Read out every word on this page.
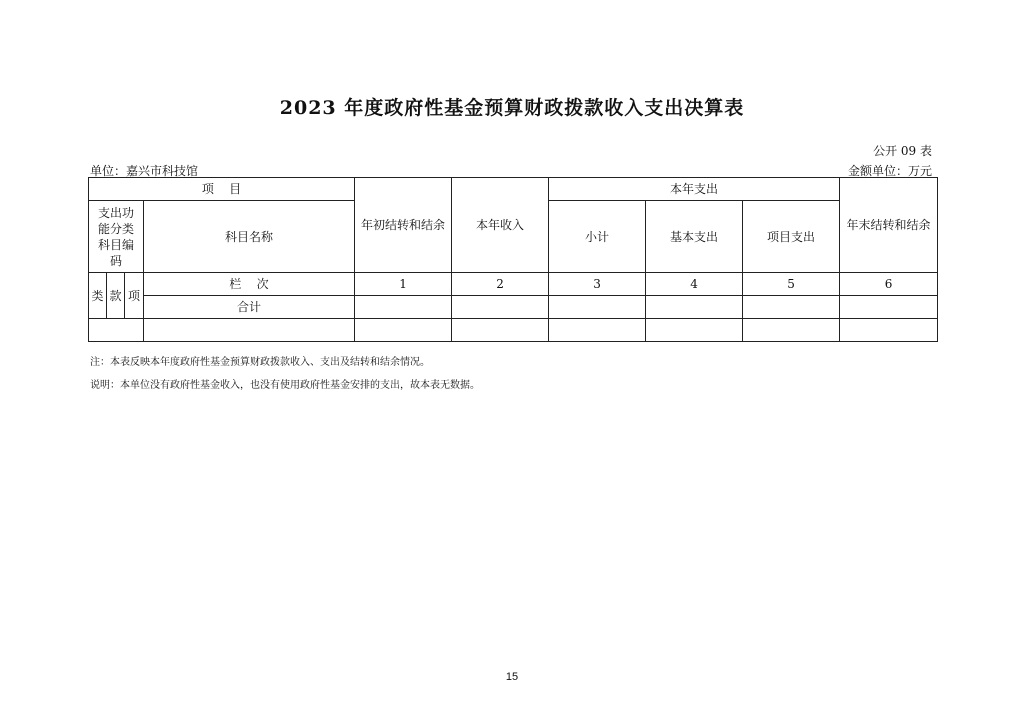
2023 年度政府性基金预算财政拨款收入支出决算表
公开 09 表
单位：嘉兴市科技馆	金额单位：万元
项    目				年初结转和结余	本年收入	本年支出			年末结转和结余

支出功能分类科目编码			科目名称			小计	基本支出	项目支出	
类	款	项	栏    次	1	2	3	4	5	6
			合计						

注：本表反映本年度政府性基金预算财政拨款收入、支出及结转和结余情况。
说明：本单位没有政府性基金收入，也没有使用政府性基金安排的支出，故本表无数据。
15
